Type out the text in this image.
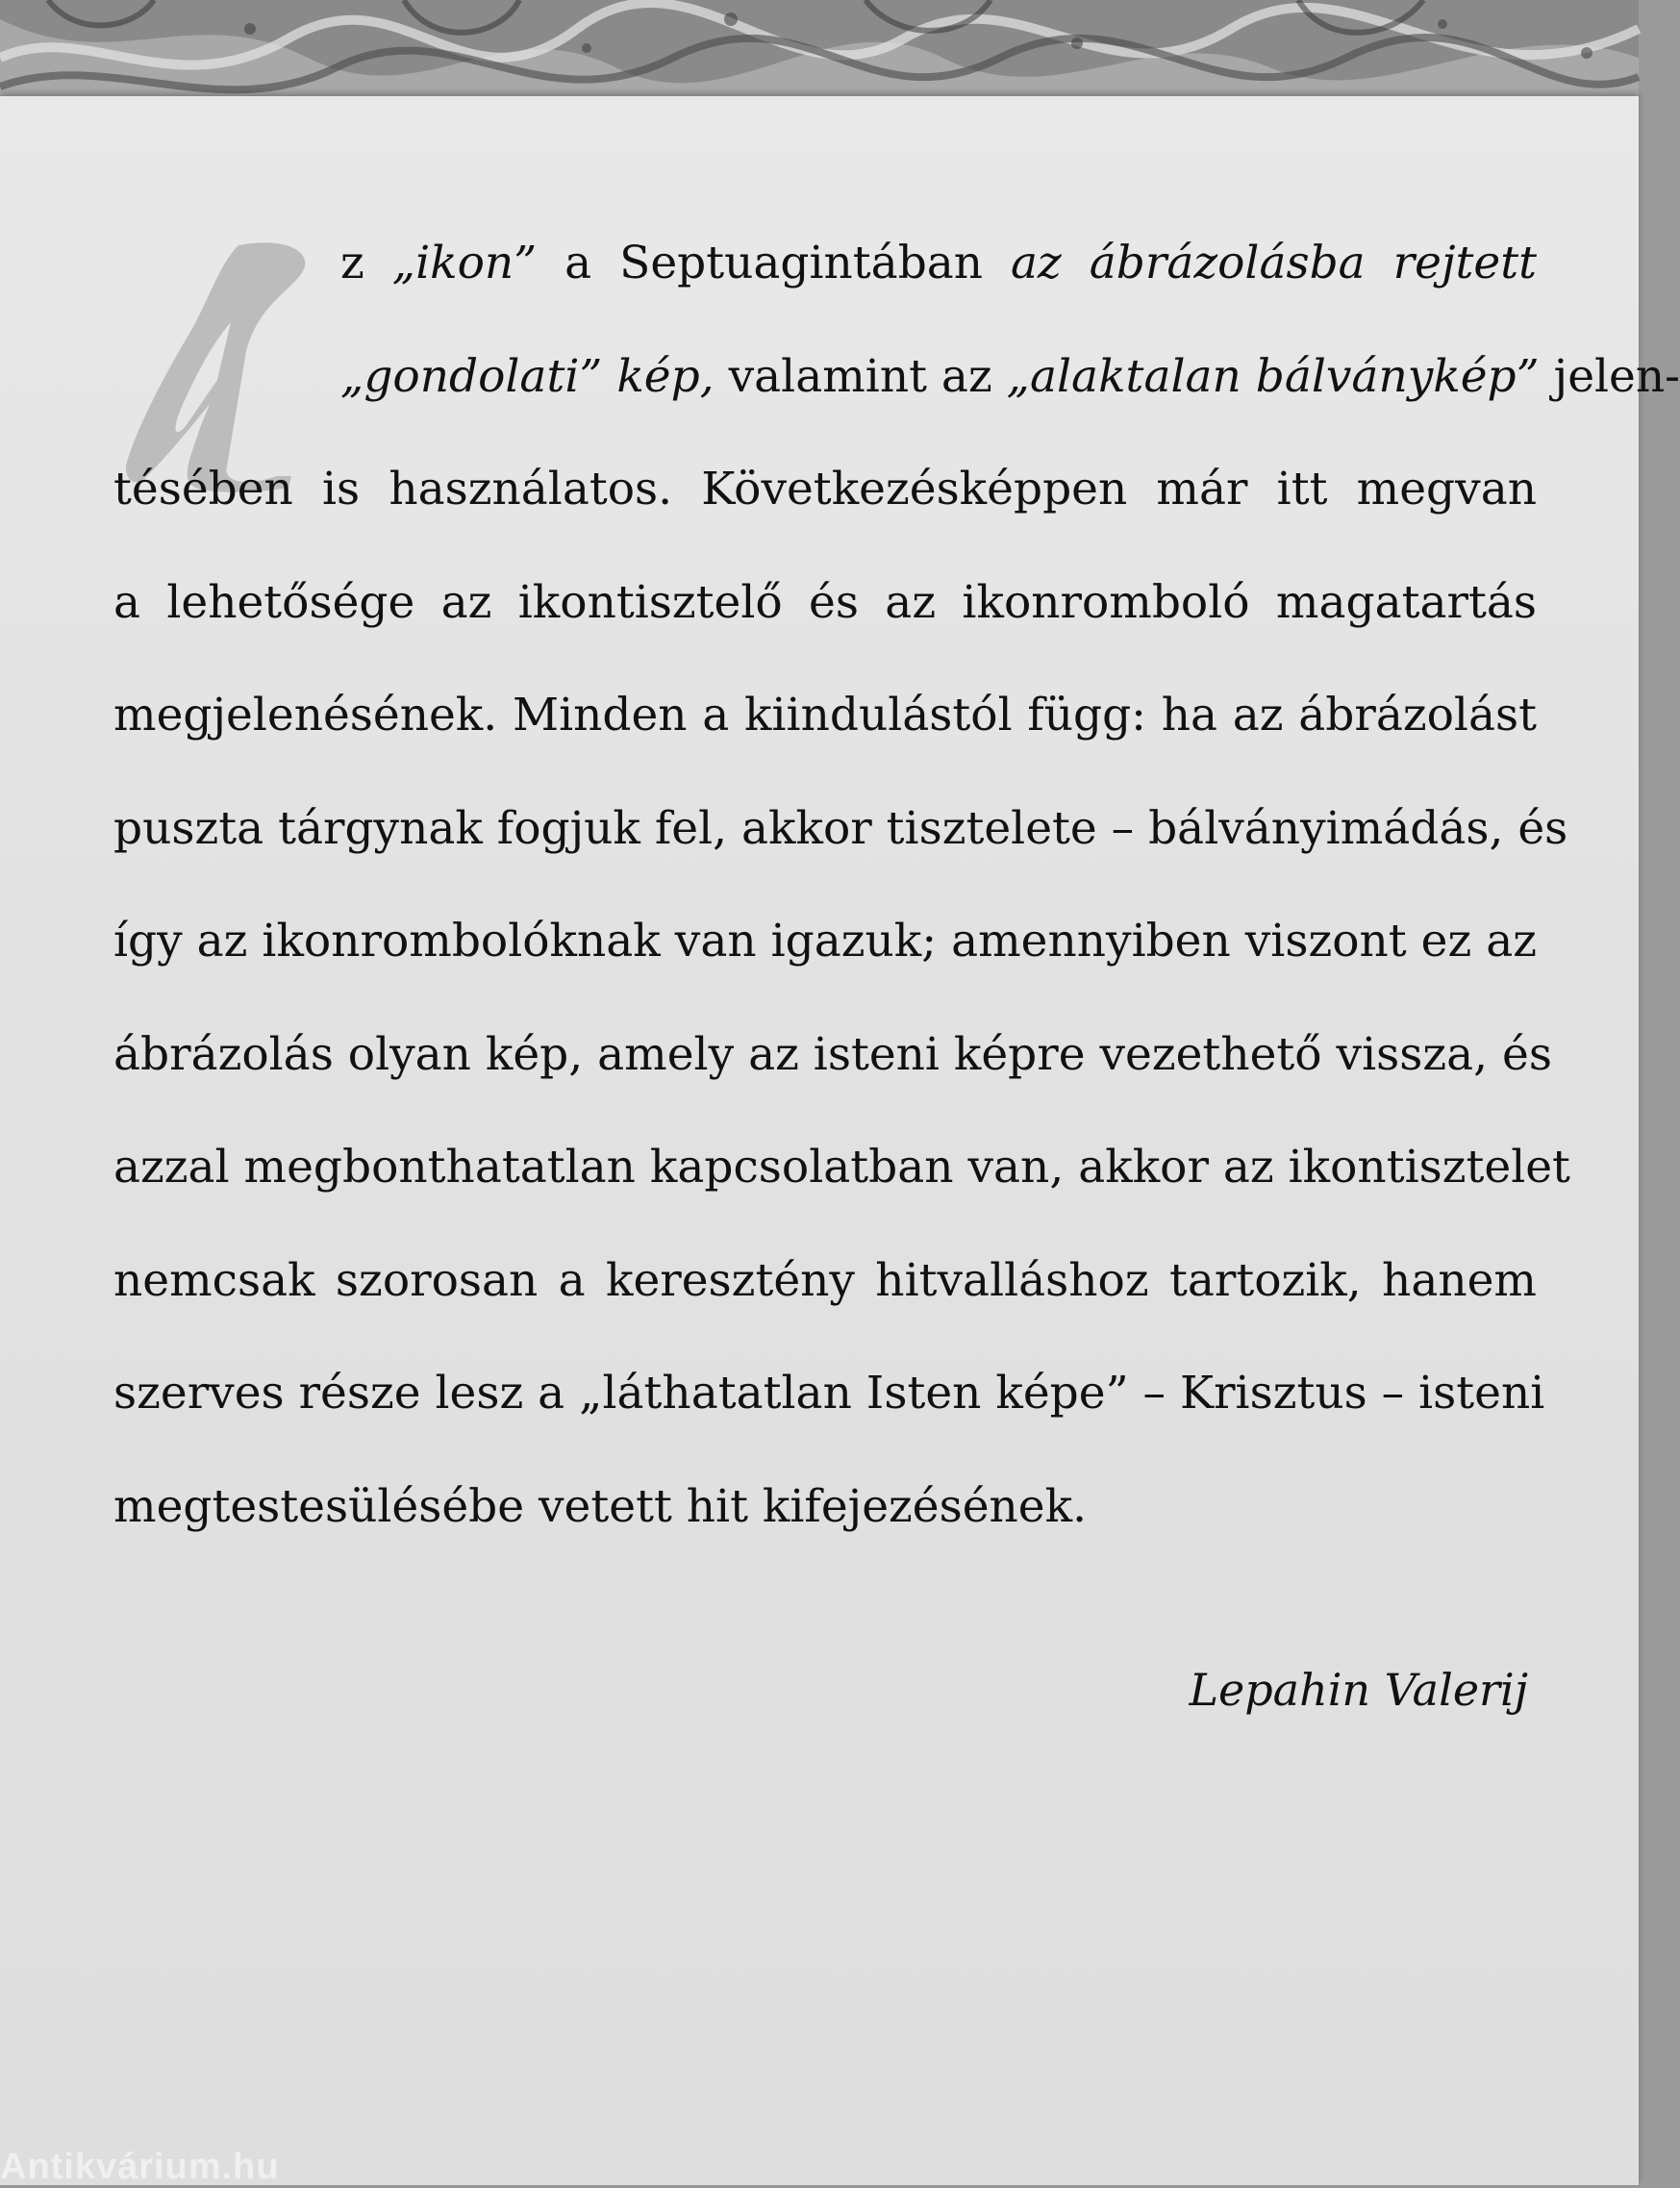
z „ikon” a Septuagintában az ábrázolásba rejtett
„gondolati” kép, valamint az „alaktalan bálványkép” jelen-
tésében is használatos. Következésképpen már itt megvan
a lehetősége az ikontisztelő és az ikonromboló magatartás
megjelenésének. Minden a kiindulástól függ: ha az ábrázolást
puszta tárgynak fogjuk fel, akkor tisztelete – bálványimádás, és
így az ikonrombolóknak van igazuk; amennyiben viszont ez az
ábrázolás olyan kép, amely az isteni képre vezethető vissza, és
azzal megbonthatatlan kapcsolatban van, akkor az ikontisztelet
nemcsak szorosan a keresztény hitvalláshoz tartozik, hanem
szerves része lesz a „láthatatlan Isten képe” – Krisztus – isteni
megtestesülésébe vetett hit kifejezésének.
Lepahin Valerij
Antikvárium.hu
